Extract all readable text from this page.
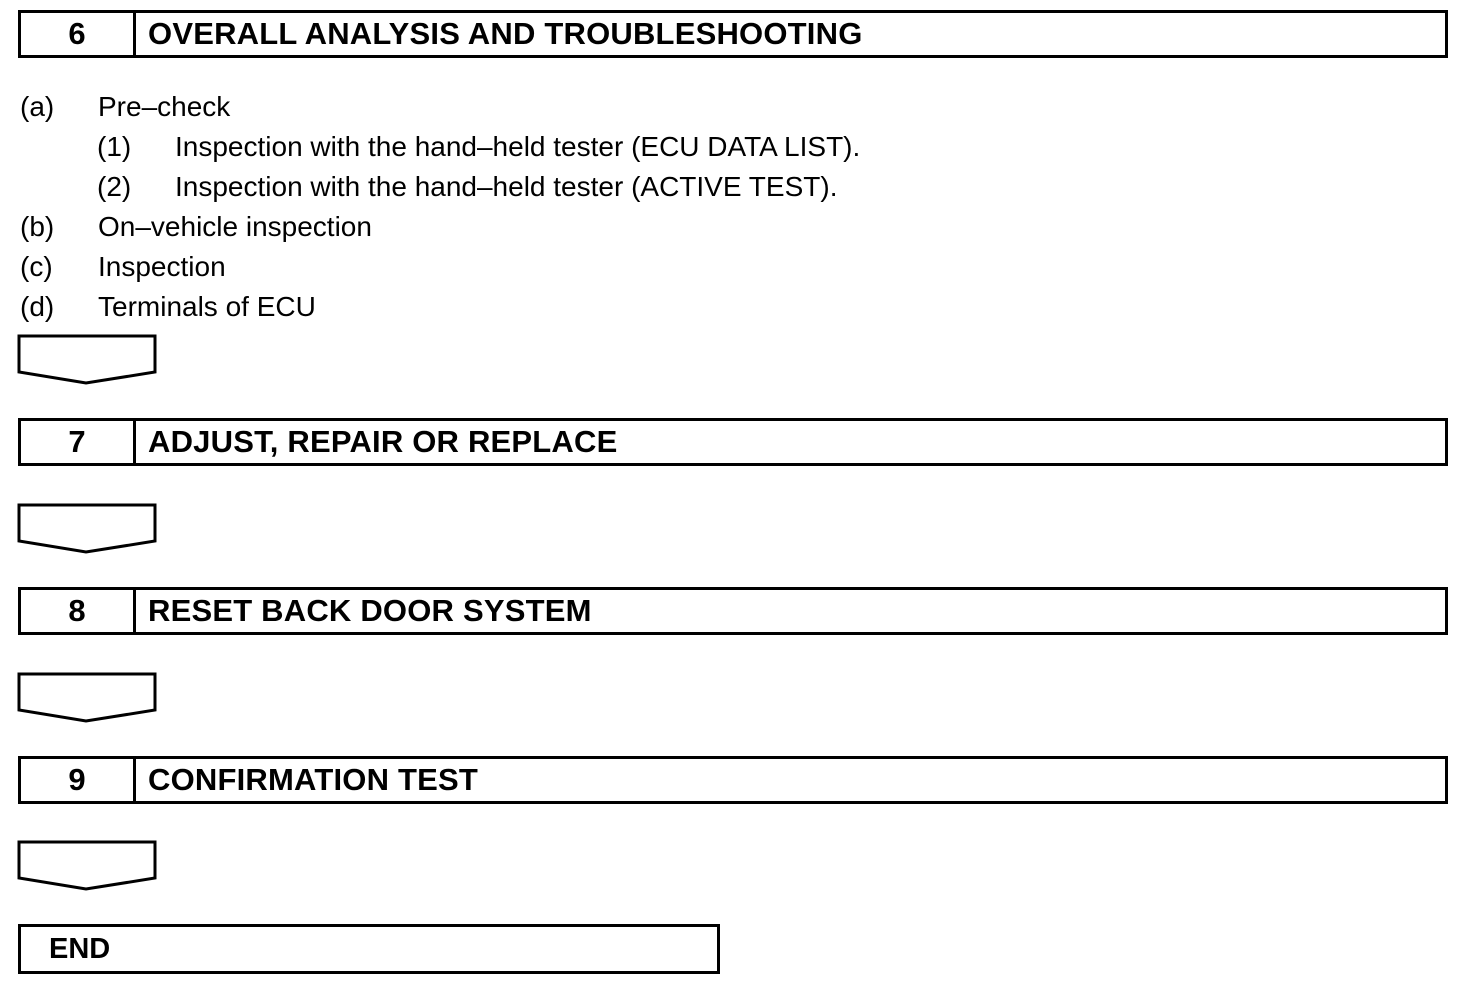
6	OVERALL ANALYSIS AND TROUBLESHOOTING
(a) Pre–check
(1) Inspection with the hand–held tester (ECU DATA LIST).
(2) Inspection with the hand–held tester (ACTIVE TEST).
(b) On–vehicle inspection
(c) Inspection
(d) Terminals of ECU
7	ADJUST, REPAIR OR REPLACE
8	RESET BACK DOOR SYSTEM
9	CONFIRMATION TEST
END
